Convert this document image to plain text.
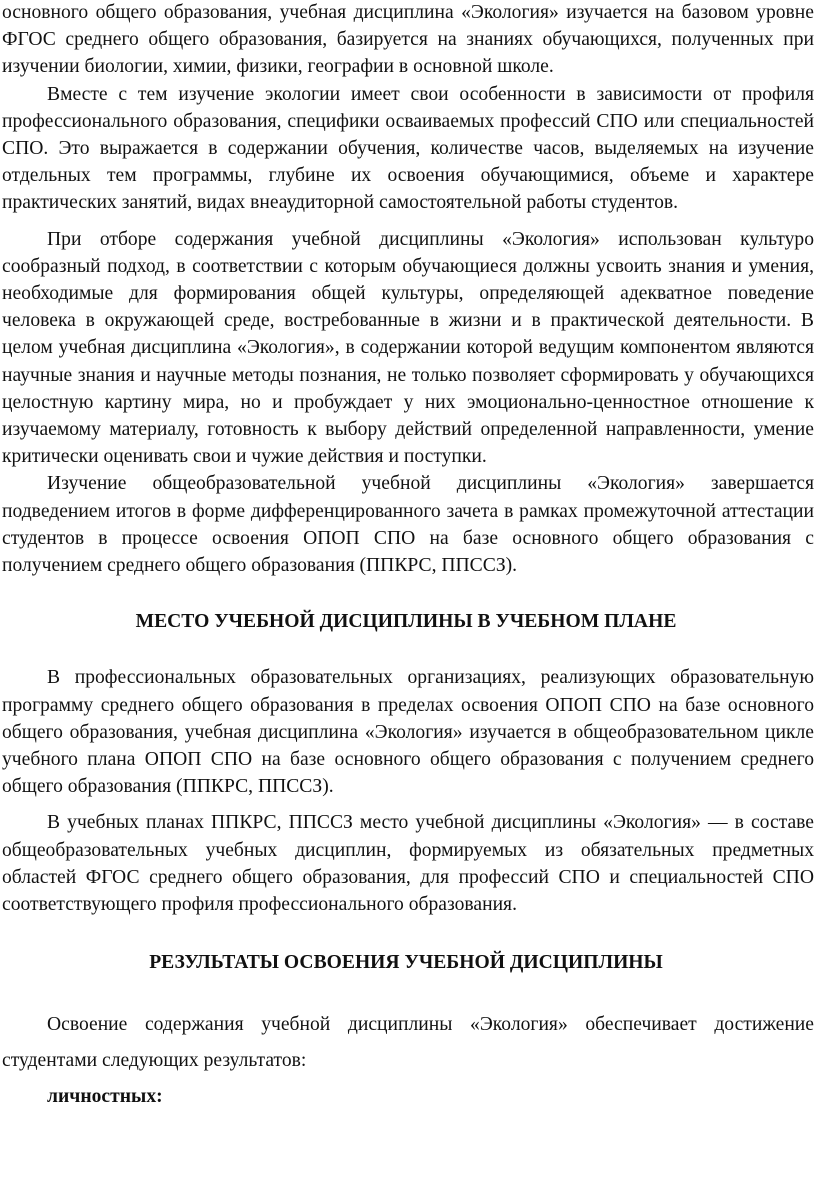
основного общего образования, учебная дисциплина «Экология» изучается на базовом уровне ФГОС среднего общего образования, базируется на знаниях обучающихся, полученных при изучении биологии, химии, физики, географии в основной школе.

Вместе с тем изучение экологии имеет свои особенности в зависимости от профиля профессионального образования, специфики осваиваемых профессий СПО или специальностей СПО. Это выражается в содержании обучения, количестве часов, выделяемых на изучение отдельных тем программы, глубине их освоения обучающимися, объеме и характере практических занятий, видах внеаудиторной самостоятельной работы студентов.

При отборе содержания учебной дисциплины «Экология» использован культуро сообразный подход, в соответствии с которым обучающиеся должны усвоить знания и умения, необходимые для формирования общей культуры, определяющей адекватное поведение человека в окружающей среде, востребованные в жизни и в практической деятельности. В целом учебная дисциплина «Экология», в содержании которой ведущим компонентом являются научные знания и научные методы познания, не только позволяет сформировать у обучающихся целостную картину мира, но и пробуждает у них эмоционально-ценностное отношение к изучаемому материалу, готовность к выбору действий определенной направленности, умение критически оценивать свои и чужие действия и поступки.

Изучение общеобразовательной учебной дисциплины «Экология» завершается подведением итогов в форме дифференцированного зачета в рамках промежуточной аттестации студентов в процессе освоения ОПОП СПО на базе основного общего образования с получением среднего общего образования (ППКРС, ППССЗ).

МЕСТО УЧЕБНОЙ ДИСЦИПЛИНЫ В УЧЕБНОМ ПЛАНЕ

В профессиональных образовательных организациях, реализующих образовательную программу среднего общего образования в пределах освоения ОПОП СПО на базе основного общего образования, учебная дисциплина «Экология» изучается в общеобразовательном цикле учебного плана ОПОП СПО на базе основного общего образования с получением среднего общего образования (ППКРС, ППССЗ).

В учебных планах ППКРС, ППССЗ место учебной дисциплины «Экология» — в составе общеобразовательных учебных дисциплин, формируемых из обязательных предметных областей ФГОС среднего общего образования, для профессий СПО и специальностей СПО соответствующего профиля профессионального образования.

РЕЗУЛЬТАТЫ ОСВОЕНИЯ УЧЕБНОЙ ДИСЦИПЛИНЫ

Освоение содержания учебной дисциплины «Экология» обеспечивает достижение студентами следующих результатов:

личностных:
